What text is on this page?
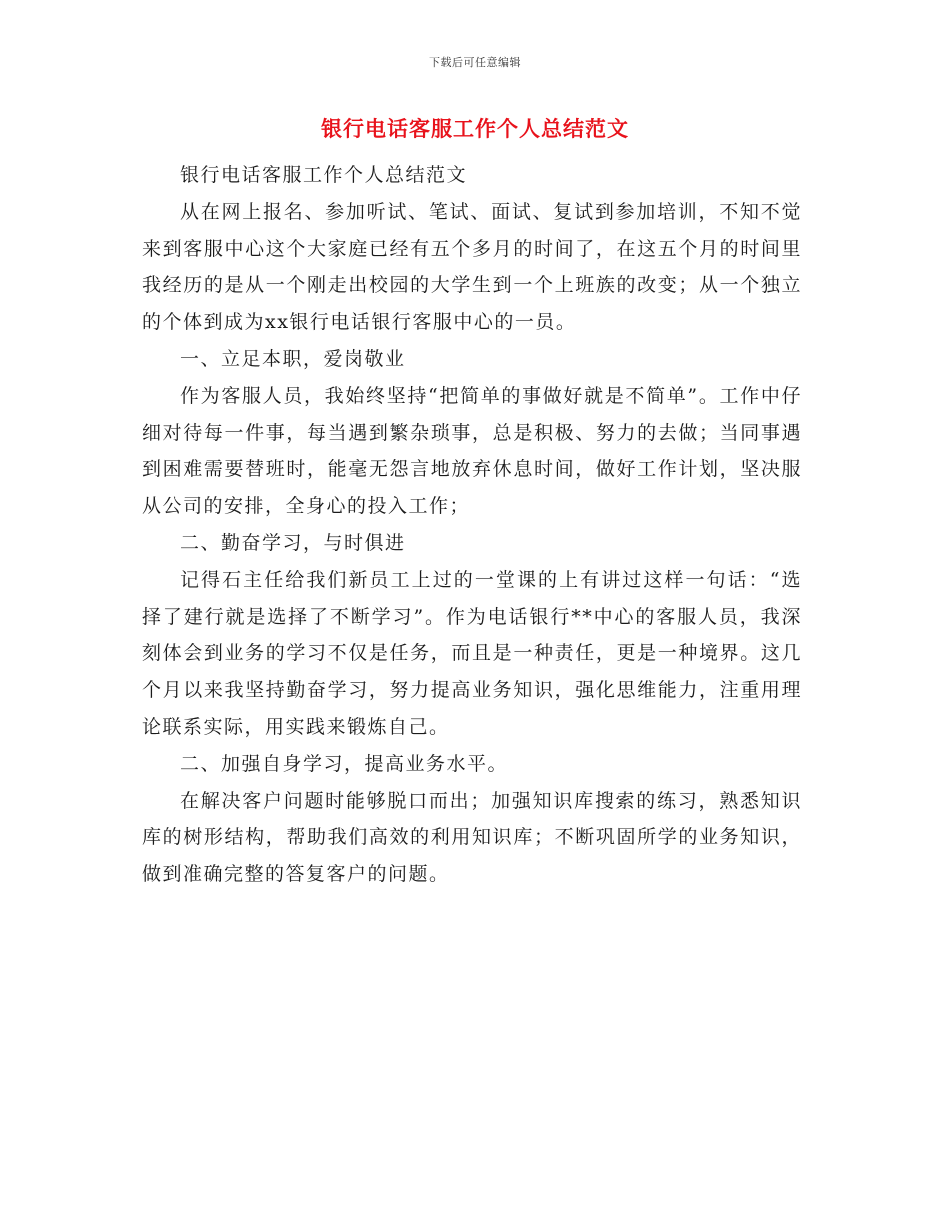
下载后可任意编辑
银行电话客服工作个人总结范文

银行电话客服工作个人总结范文

从在网上报名、参加听试、笔试、面试、复试到参加培训，不知不觉来到客服中心这个大家庭已经有五个多月的时间了，在这五个月的时间里我经历的是从一个刚走出校园的大学生到一个上班族的改变；从一个独立的个体到成为xx银行电话银行客服中心的一员。

一、立足本职，爱岗敬业

作为客服人员，我始终坚持“把简单的事做好就是不简单”。工作中仔细对待每一件事，每当遇到繁杂琐事，总是积极、努力的去做；当同事遇到困难需要替班时，能毫无怨言地放弃休息时间，做好工作计划，坚决服从公司的安排，全身心的投入工作；

二、勤奋学习，与时俱进

记得石主任给我们新员工上过的一堂课的上有讲过这样一句话：“选择了建行就是选择了不断学习”。作为电话银行**中心的客服人员，我深刻体会到业务的学习不仅是任务，而且是一种责任，更是一种境界。这几个月以来我坚持勤奋学习，努力提高业务知识，强化思维能力，注重用理论联系实际，用实践来锻炼自己。

二、加强自身学习，提高业务水平。

在解决客户问题时能够脱口而出；加强知识库搜索的练习，熟悉知识库的树形结构，帮助我们高效的利用知识库；不断巩固所学的业务知识，做到准确完整的答复客户的问题。
